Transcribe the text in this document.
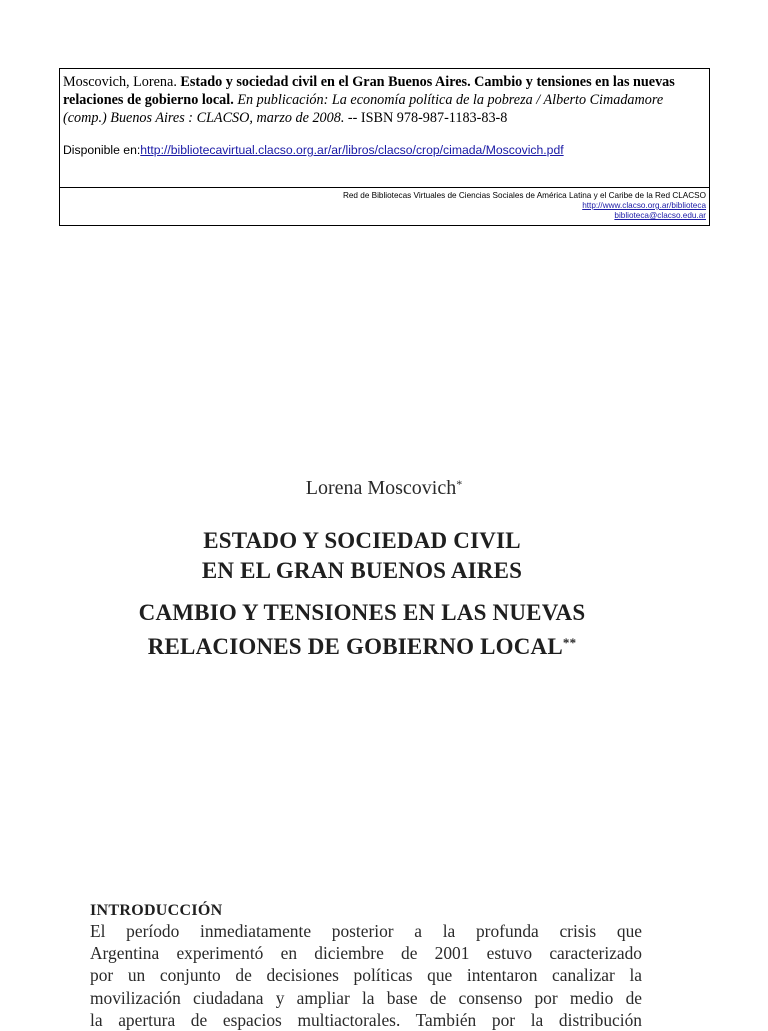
Moscovich, Lorena. Estado y sociedad civil en el Gran Buenos Aires. Cambio y tensiones en las nuevas relaciones de gobierno local. En publicación: La economía política de la pobreza / Alberto Cimadamore (comp.) Buenos Aires : CLACSO, marzo de 2008. -- ISBN 978-987-1183-83-8
Disponible en:http://bibliotecavirtual.clacso.org.ar/ar/libros/clacso/crop/cimada/Moscovich.pdf
Red de Bibliotecas Virtuales de Ciencias Sociales de América Latina y el Caribe de la Red CLACSO
http://www.clacso.org.ar/biblioteca
biblioteca@clacso.edu.ar
Lorena Moscovich*
ESTADO Y SOCIEDAD CIVIL
EN EL GRAN BUENOS AIRES
CAMBIO Y TENSIONES EN LAS NUEVAS
RELACIONES DE GOBIERNO LOCAL**
INTRODUCCIÓN
El período inmediatamente posterior a la profunda crisis que
Argentina experimentó en diciembre de 2001 estuvo caracterizado
por un conjunto de decisiones políticas que intentaron canalizar la
movilización ciudadana y ampliar la base de consenso por medio de
la apertura de espacios multiactorales. También por la distribución
